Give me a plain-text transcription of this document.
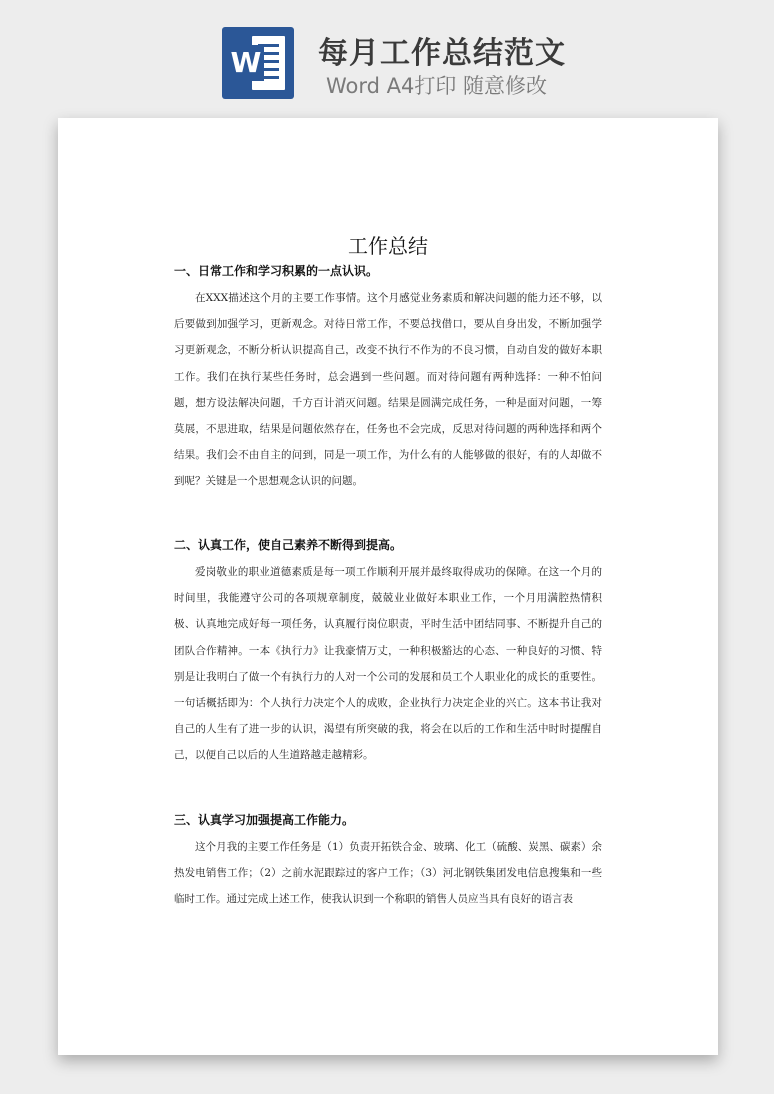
W 每月工作总结范文
Word A4打印 随意修改
工作总结

一、日常工作和学习积累的一点认识。

在XXX描述这个月的主要工作事情。这个月感觉业务素质和解决问题的能力还不够，以后要做到加强学习，更新观念。对待日常工作，不要总找借口，要从自身出发，不断加强学习更新观念，不断分析认识提高自己，改变不执行不作为的不良习惯，自动自发的做好本职工作。我们在执行某些任务时，总会遇到一些问题。而对待问题有两种选择：一种不怕问题，想方设法解决问题，千方百计消灭问题。结果是圆满完成任务，一种是面对问题，一筹莫展，不思进取，结果是问题依然存在，任务也不会完成，反思对待问题的两种选择和两个结果。我们会不由自主的问到，同是一项工作，为什么有的人能够做的很好，有的人却做不到呢？关键是一个思想观念认识的问题。

二、认真工作，使自己素养不断得到提高。

爱岗敬业的职业道德素质是每一项工作顺利开展并最终取得成功的保障。在这一个月的时间里，我能遵守公司的各项规章制度，兢兢业业做好本职业工作，一个月用满腔热情积极、认真地完成好每一项任务，认真履行岗位职责，平时生活中团结同事、不断提升自己的团队合作精神。一本《执行力》让我豪情万丈，一种积极豁达的心态、一种良好的习惯、特别是让我明白了做一个有执行力的人对一个公司的发展和员工个人职业化的成长的重要性。一句话概括即为：个人执行力决定个人的成败，企业执行力决定企业的兴亡。这本书让我对自己的人生有了进一步的认识，渴望有所突破的我，将会在以后的工作和生活中时时提醒自己，以便自己以后的人生道路越走越精彩。

三、认真学习加强提高工作能力。

这个月我的主要工作任务是（1）负责开拓铁合金、玻璃、化工（硫酸、炭黑、碳素）余热发电销售工作；（2）之前水泥跟踪过的客户工作；（3）河北钢铁集团发电信息搜集和一些临时工作。通过完成上述工作，使我认识到一个称职的销售人员应当具有良好的语言表
